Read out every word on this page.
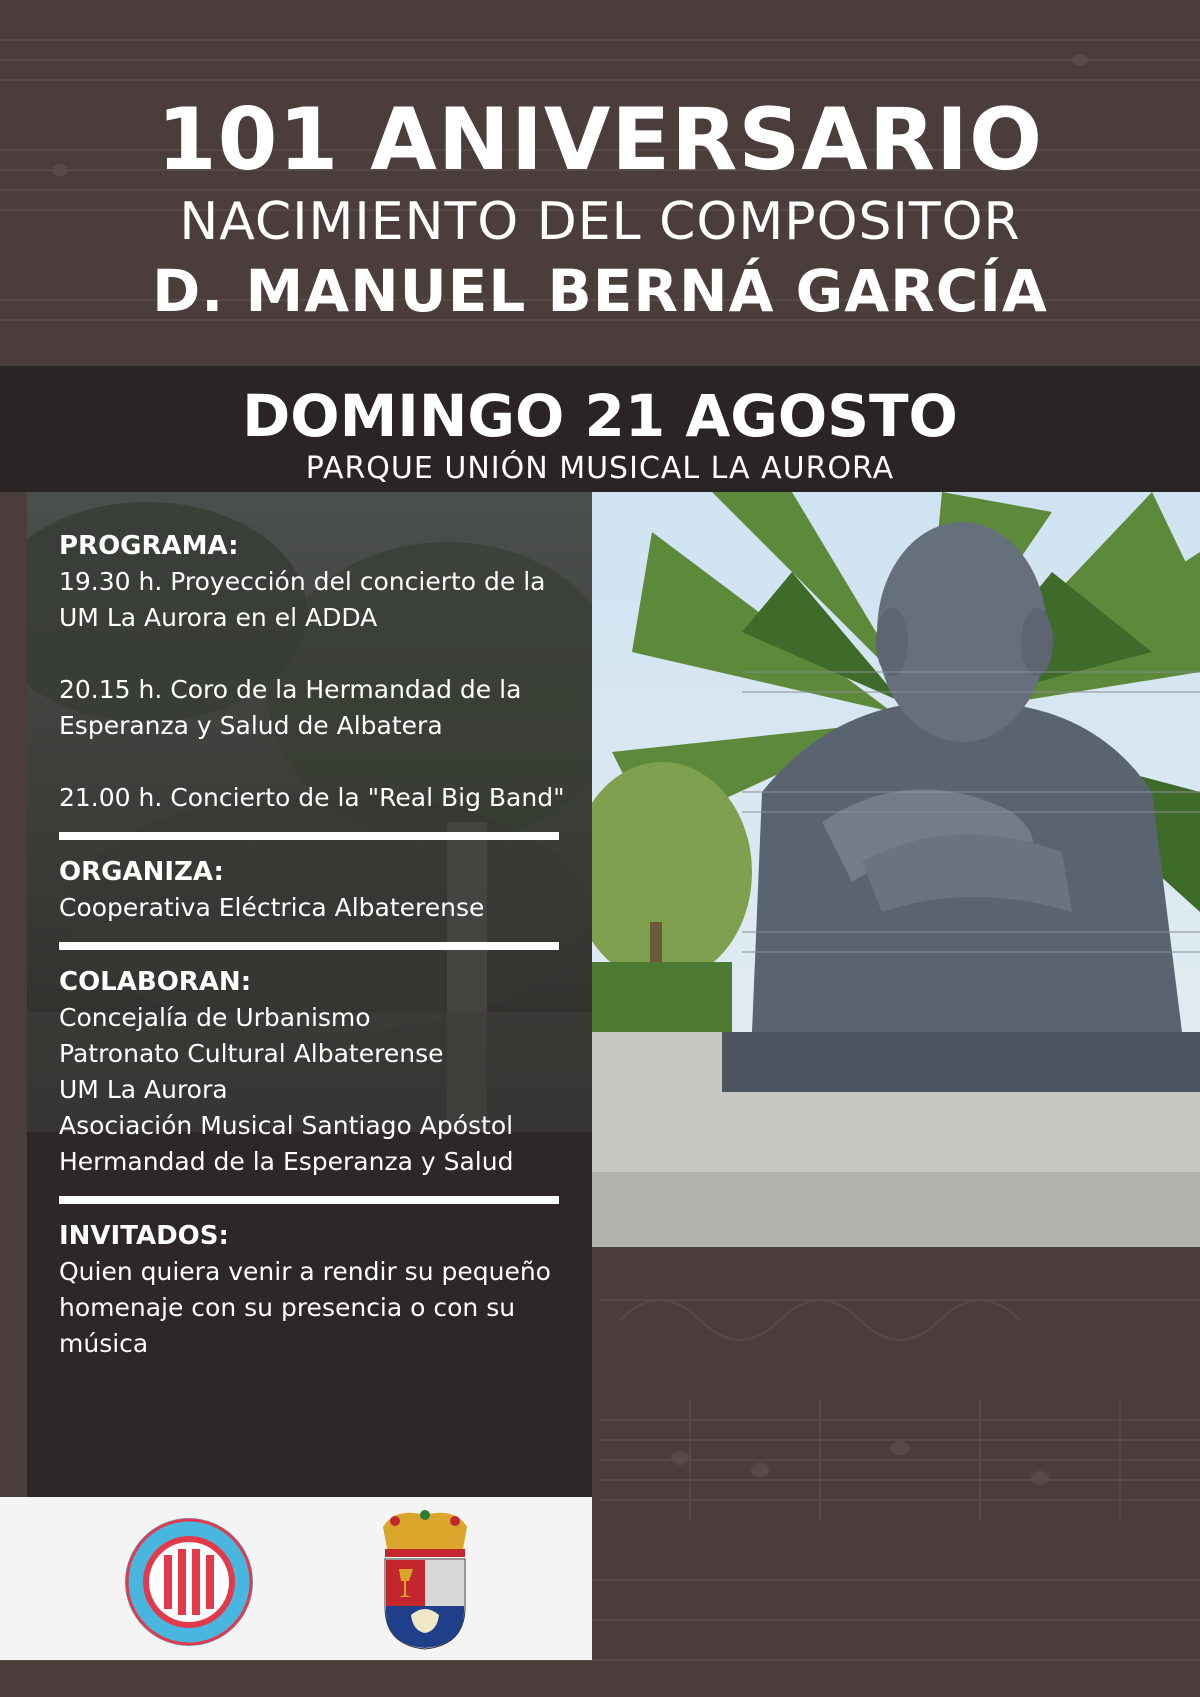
101 ANIVERSARIO
NACIMIENTO DEL COMPOSITOR
D. MANUEL BERNÁ GARCÍA
DOMINGO 21 AGOSTO
PARQUE UNIÓN MUSICAL LA AURORA

PROGRAMA:

19.30 h. Proyección del concierto de la

UM La Aurora en el ADDA

20.15 h. Coro de la Hermandad de la

Esperanza y Salud de Albatera

21.00 h. Concierto de la "Real Big Band"

ORGANIZA:

Cooperativa Eléctrica Albaterense

COLABORAN:

Concejalía de Urbanismo

Patronato Cultural Albaterense

UM La Aurora

Asociación Musical Santiago Apóstol

Hermandad de la Esperanza y Salud

INVITADOS:

Quien quiera venir a rendir su pequeño

homenaje con su presencia o con su

música
